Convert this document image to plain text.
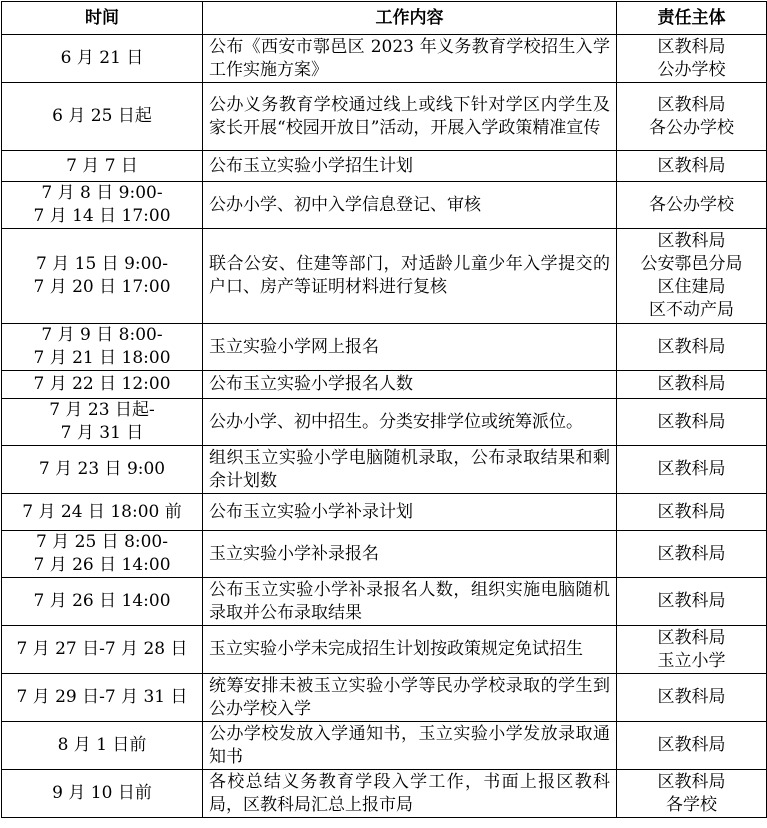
时间	工作内容	责任主体

6 月 21 日	公布《西安市鄠邑区 2023 年义务教育学校招生入学工作实施方案》	区教科局
公办学校

6 月 25 日起	公办义务教育学校通过线上或线下针对学区内学生及家长开展“校园开放日”活动，开展入学政策精准宣传	区教科局
各公办学校

7 月 7 日	公布玉立实验小学招生计划	区教科局

7 月 8 日 9:00-
7 月 14 日 17:00	公办小学、初中入学信息登记、审核	各公办学校

7 月 15 日 9:00-
7 月 20 日 17:00	联合公安、住建等部门，对适龄儿童少年入学提交的户口、房产等证明材料进行复核	区教科局
公安鄠邑分局
区住建局
区不动产局

7 月 9 日 8:00-
7 月 21 日 18:00	玉立实验小学网上报名	区教科局

7 月 22 日 12:00	公布玉立实验小学报名人数	区教科局

7 月 23 日起-
7 月 31 日	公办小学、初中招生。分类安排学位或统筹派位。	区教科局

7 月 23 日 9:00	组织玉立实验小学电脑随机录取，公布录取结果和剩余计划数	区教科局

7 月 24 日 18:00 前	公布玉立实验小学补录计划	区教科局

7 月 25 日 8:00-
7 月 26 日 14:00	玉立实验小学补录报名	区教科局

7 月 26 日 14:00	公布玉立实验小学补录报名人数，组织实施电脑随机录取并公布录取结果	区教科局

7 月 27 日-7 月 28 日	玉立实验小学未完成招生计划按政策规定免试招生	区教科局
玉立小学

7 月 29 日-7 月 31 日	统筹安排未被玉立实验小学等民办学校录取的学生到公办学校入学	区教科局

8 月 1 日前	公办学校发放入学通知书，玉立实验小学发放录取通知书	区教科局

9 月 10 日前	各校总结义务教育学段入学工作，书面上报区教科局，区教科局汇总上报市局	区教科局
各学校
